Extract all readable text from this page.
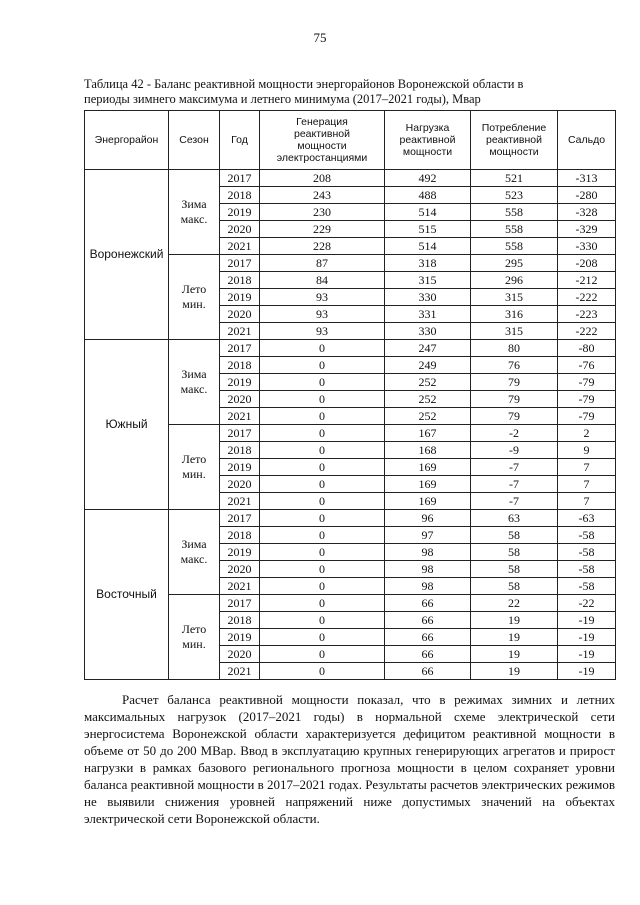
75
Таблица 42 - Баланс реактивной мощности энергорайонов Воронежской области в периоды зимнего максимума и летнего минимума (2017–2021 годы), Мвар
Энергорайон	Сезон	Год	Генерация реактивной мощности электростанциями	Нагрузка реактивной мощности	Потребление реактивной мощности	Сальдо
Воронежский	Зима макс.	2017	208	492	521	-313
		2018	243	488	523	-280
		2019	230	514	558	-328
		2020	229	515	558	-329
		2021	228	514	558	-330
	Лето мин.	2017	87	318	295	-208
		2018	84	315	296	-212
		2019	93	330	315	-222
		2020	93	331	316	-223
		2021	93	330	315	-222
Южный	Зима макс.	2017	0	247	80	-80
		2018	0	249	76	-76
		2019	0	252	79	-79
		2020	0	252	79	-79
		2021	0	252	79	-79
	Лето мин.	2017	0	167	-2	2
		2018	0	168	-9	9
		2019	0	169	-7	7
		2020	0	169	-7	7
		2021	0	169	-7	7
Восточный	Зима макс.	2017	0	96	63	-63
		2018	0	97	58	-58
		2019	0	98	58	-58
		2020	0	98	58	-58
		2021	0	98	58	-58
	Лето мин.	2017	0	66	22	-22
		2018	0	66	19	-19
		2019	0	66	19	-19
		2020	0	66	19	-19
		2021	0	66	19	-19

Расчет баланса реактивной мощности показал, что в режимах зимних и летних максимальных нагрузок (2017–2021 годы) в нормальной схеме электрической сети энергосистема Воронежской области характеризуется дефицитом реактивной мощности в объеме от 50 до 200 МВар. Ввод в эксплуатацию крупных генерирующих агрегатов и прирост нагрузки в рамках базового регионального прогноза мощности в целом сохраняет уровни баланса реактивной мощности в 2017–2021 годах. Результаты расчетов электрических режимов не выявили снижения уровней напряжений ниже допустимых значений на объектах электрической сети Воронежской области.
